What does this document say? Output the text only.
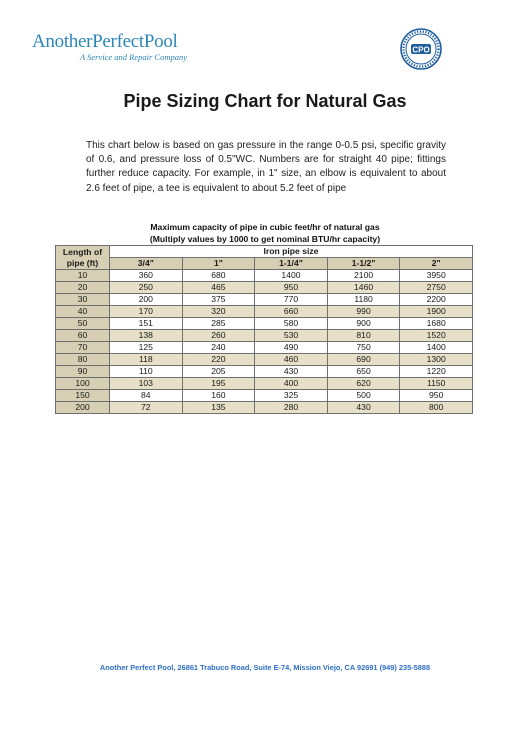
AnotherPerfectPool
A Service and Repair Company
CPO
Pipe Sizing Chart for Natural Gas
This chart below is based on gas pressure in the range 0-0.5 psi, specific gravity of 0.6, and pressure loss of 0.5"WC. Numbers are for straight 40 pipe; fittings further reduce capacity. For example, in 1" size, an elbow is equivalent to about 2.6 feet of pipe, a tee is equivalent to about 5.2 feet of pipe
Maximum capacity of pipe in cubic feet/hr of natural gas
(Multiply values by 1000 to get nominal BTU/hr capacity)
Length of
pipe (ft)	Iron pipe size				
	3/4"	1"	1-1/4"	1-1/2"	2"
10	360	680	1400	2100	3950
20	250	465	950	1460	2750
30	200	375	770	1180	2200
40	170	320	660	990	1900
50	151	285	580	900	1680
60	138	260	530	810	1520
70	125	240	490	750	1400
80	118	220	460	690	1300
90	110	205	430	650	1220
100	103	195	400	620	1150
150	84	160	325	500	950
200	72	135	280	430	800
Another Perfect Pool, 26861 Trabuco Road, Suite E-74, Mission Viejo, CA 92691 (949) 235-5888
